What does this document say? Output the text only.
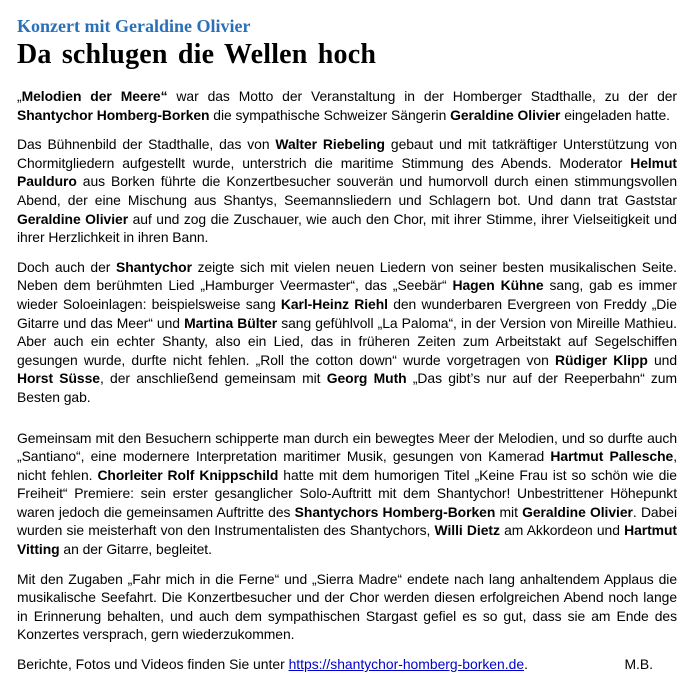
Konzert mit Geraldine Olivier
Da schlugen die Wellen hoch

„Melodien der Meere“ war das Motto der Veranstaltung in der Homberger Stadthalle, zu der der Shantychor Homberg-Borken die sympathische Schweizer Sängerin Geraldine Olivier eingeladen hatte.

Das Bühnenbild der Stadthalle, das von Walter Riebeling gebaut und mit tatkräftiger Unterstützung von Chormitgliedern aufgestellt wurde, unterstrich die maritime Stimmung des Abends. Moderator Helmut Paulduro aus Borken führte die Konzertbesucher souverän und humorvoll durch einen stimmungsvollen Abend, der eine Mischung aus Shantys, Seemannsliedern und Schlagern bot. Und dann trat Gaststar Geraldine Olivier auf und zog die Zuschauer, wie auch den Chor, mit ihrer Stimme, ihrer Vielseitigkeit und ihrer Herzlichkeit in ihren Bann.

Doch auch der Shantychor zeigte sich mit vielen neuen Liedern von seiner besten musikalischen Seite. Neben dem berühmten Lied „Hamburger Veermaster“, das „Seebär“ Hagen Kühne sang, gab es immer wieder Soloeinlagen: beispielsweise sang Karl-Heinz Riehl den wunderbaren Evergreen von Freddy „Die Gitarre und das Meer“ und Martina Bülter sang gefühlvoll „La Paloma“, in der Version von Mireille Mathieu. Aber auch ein echter Shanty, also ein Lied, das in früheren Zeiten zum Arbeitstakt auf Segelschiffen gesungen wurde, durfte nicht fehlen. „Roll the cotton down“ wurde vorgetragen von Rüdiger Klipp und Horst Süsse, der anschließend gemeinsam mit Georg Muth „Das gibt’s nur auf der Reeperbahn“ zum Besten gab.

Gemeinsam mit den Besuchern schipperte man durch ein bewegtes Meer der Melodien, und so durfte auch „Santiano“, eine modernere Interpretation maritimer Musik, gesungen von Kamerad Hartmut Pallesche, nicht fehlen. Chorleiter Rolf Knippschild hatte mit dem humorigen Titel „Keine Frau ist so schön wie die Freiheit“ Premiere: sein erster gesanglicher Solo-Auftritt mit dem Shantychor! Unbestrittener Höhepunkt waren jedoch die gemeinsamen Auftritte des Shantychors Homberg-Borken mit Geraldine Olivier. Dabei wurden sie meisterhaft von den Instrumentalisten des Shantychors, Willi Dietz am Akkordeon und Hartmut Vitting an der Gitarre, begleitet.

Mit den Zugaben „Fahr mich in die Ferne“ und „Sierra Madre“ endete nach lang anhaltendem Applaus die musikalische Seefahrt. Die Konzertbesucher und der Chor werden diesen erfolgreichen Abend noch lange in Erinnerung behalten, und auch dem sympathischen Stargast gefiel es so gut, dass sie am Ende des Konzertes versprach, gern wiederzukommen.

Berichte, Fotos und Videos finden Sie unter https://shantychor-homberg-borken.de.	M.B.
